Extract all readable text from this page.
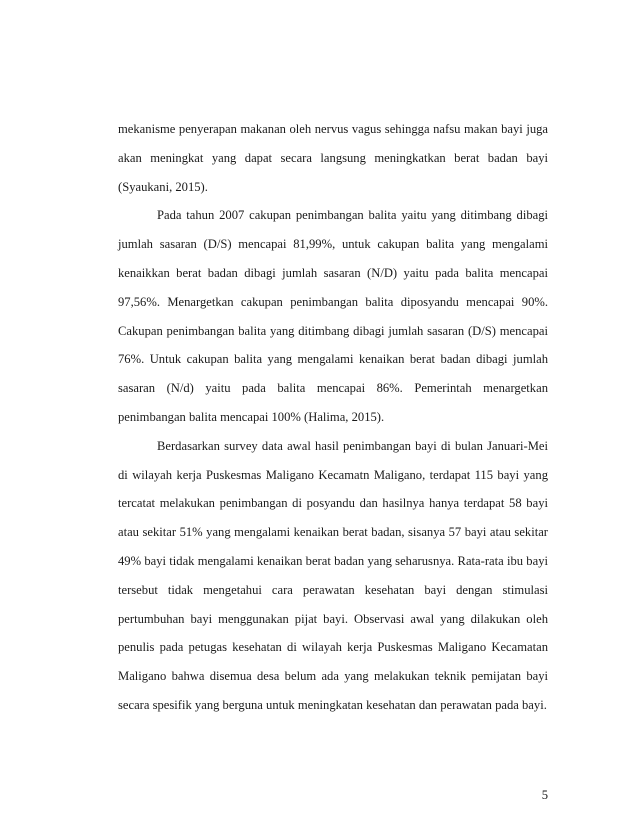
mekanisme penyerapan makanan oleh nervus vagus sehingga nafsu makan bayi juga akan meningkat yang dapat secara langsung meningkatkan berat badan bayi (Syaukani, 2015).

Pada tahun 2007 cakupan penimbangan balita yaitu yang ditimbang dibagi jumlah sasaran (D/S) mencapai 81,99%, untuk cakupan balita yang mengalami kenaikkan berat badan dibagi jumlah sasaran (N/D) yaitu pada balita mencapai 97,56%. Menargetkan cakupan penimbangan balita diposyandu mencapai 90%. Cakupan penimbangan balita yang ditimbang dibagi jumlah sasaran (D/S) mencapai 76%. Untuk cakupan balita yang mengalami kenaikan berat badan dibagi jumlah sasaran (N/d) yaitu pada balita mencapai 86%. Pemerintah menargetkan penimbangan balita mencapai 100% (Halima, 2015).

Berdasarkan survey data awal hasil penimbangan bayi di bulan Januari-Mei di wilayah kerja Puskesmas Maligano Kecamatn Maligano, terdapat 115 bayi yang tercatat melakukan penimbangan di posyandu dan hasilnya hanya terdapat 58 bayi atau sekitar 51% yang mengalami kenaikan berat badan, sisanya 57 bayi atau sekitar 49% bayi tidak mengalami kenaikan berat badan yang seharusnya. Rata-rata ibu bayi tersebut tidak mengetahui cara perawatan kesehatan bayi dengan stimulasi pertumbuhan bayi menggunakan pijat bayi. Observasi awal yang dilakukan oleh penulis pada petugas kesehatan di wilayah kerja Puskesmas Maligano Kecamatan Maligano bahwa disemua desa belum ada yang melakukan teknik pemijatan bayi secara spesifik yang berguna untuk meningkatan kesehatan dan perawatan pada bayi.

5
